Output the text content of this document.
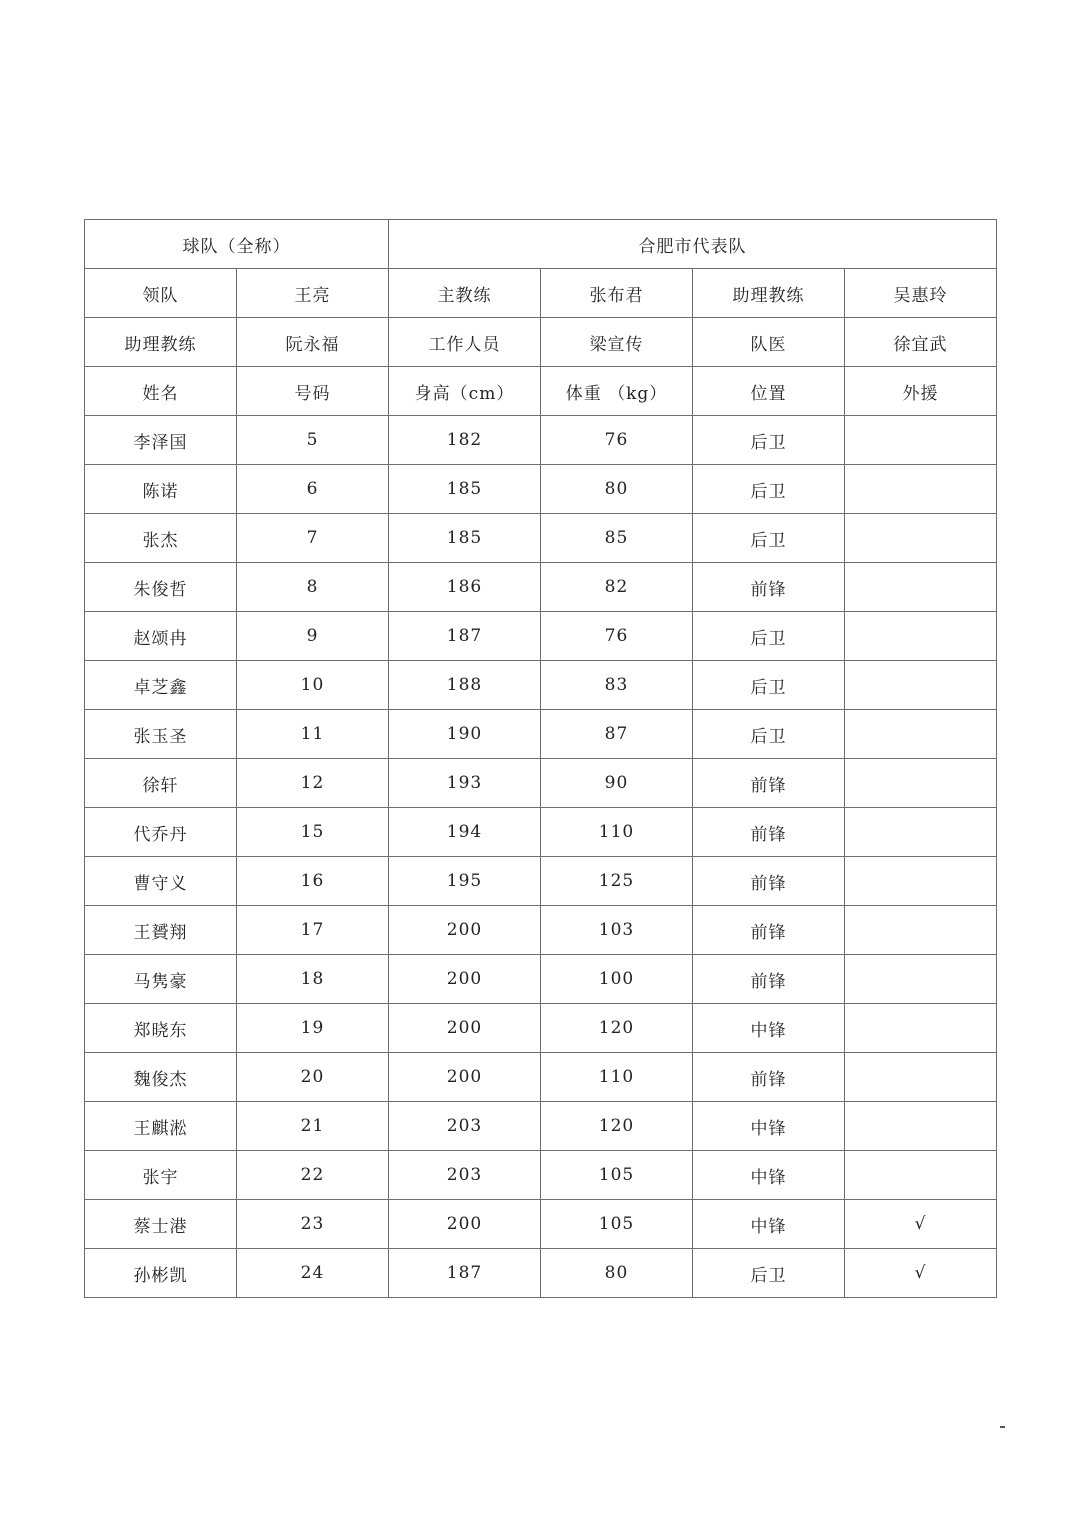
球队（全称）		合肥市代表队			
领队	王亮	主教练	张布君	助理教练	吴惠玲
助理教练	阮永福	工作人员	梁宣传	队医	徐宜武
姓名	号码	身高（cm）	体重 （kg）	位置	外援
李泽国	5	182	76	后卫	
陈诺	6	185	80	后卫	
张杰	7	185	85	后卫	
朱俊哲	8	186	82	前锋	
赵颂冉	9	187	76	后卫	
卓芝鑫	10	188	83	后卫	
张玉圣	11	190	87	后卫	
徐轩	12	193	90	前锋	
代乔丹	15	194	110	前锋	
曹守义	16	195	125	前锋	
王贇翔	17	200	103	前锋	
马隽豪	18	200	100	前锋	
郑晓东	19	200	120	中锋	
魏俊杰	20	200	110	前锋	
王麒淞	21	203	120	中锋	
张宇	22	203	105	中锋	
蔡士港	23	200	105	中锋	√
孙彬凯	24	187	80	后卫	√
